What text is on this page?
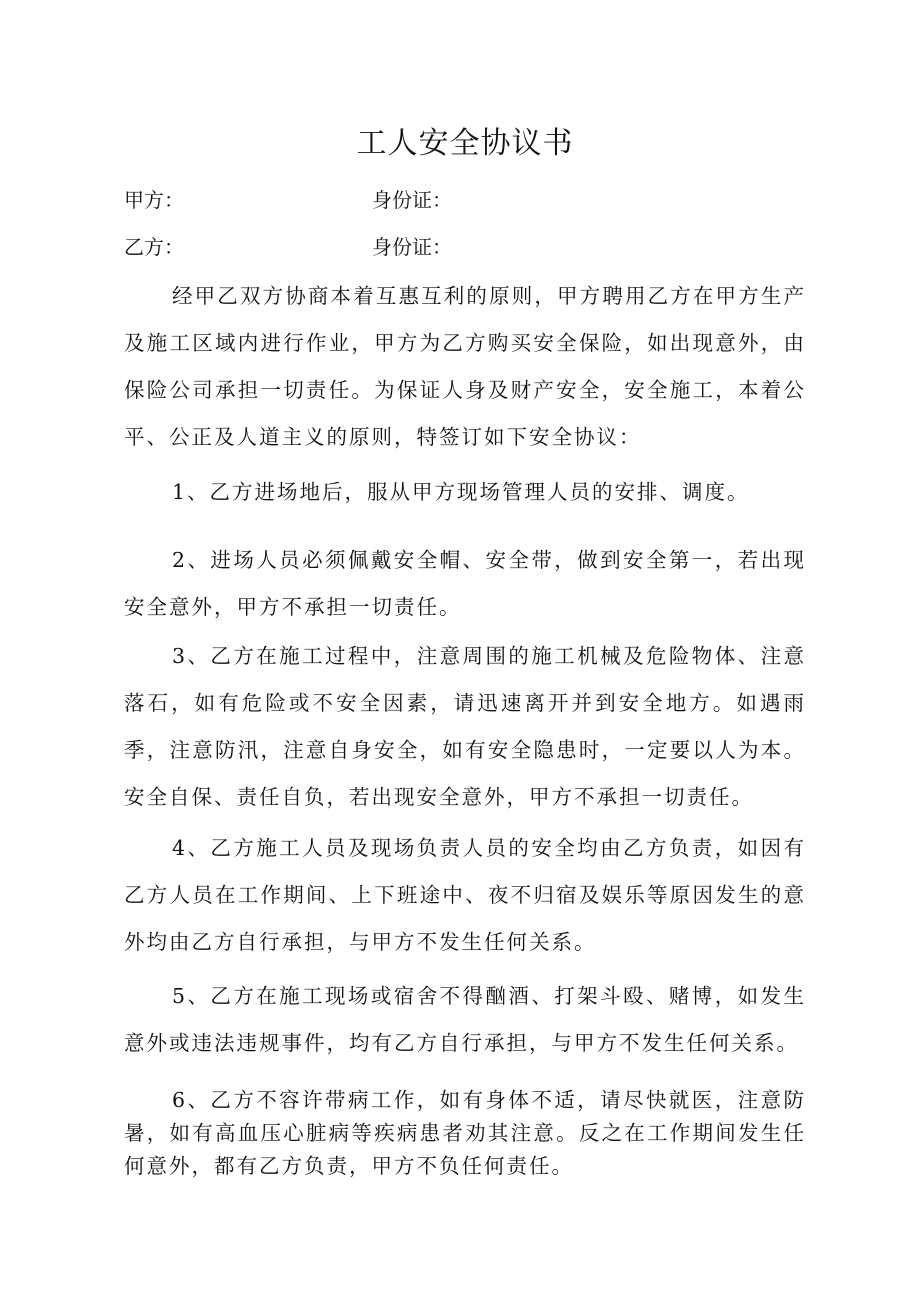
工人安全协议书
甲方：	身份证：
乙方：	身份证：

经甲乙双方协商本着互惠互利的原则，甲方聘用乙方在甲方生产及施工区域内进行作业，甲方为乙方购买安全保险，如出现意外，由保险公司承担一切责任。为保证人身及财产安全，安全施工，本着公平、公正及人道主义的原则，特签订如下安全协议：

1、乙方进场地后，服从甲方现场管理人员的安排、调度。

2、进场人员必须佩戴安全帽、安全带，做到安全第一，若出现安全意外，甲方不承担一切责任。

3、乙方在施工过程中，注意周围的施工机械及危险物体、注意落石，如有危险或不安全因素，请迅速离开并到安全地方。如遇雨季，注意防汛，注意自身安全，如有安全隐患时，一定要以人为本。安全自保、责任自负，若出现安全意外，甲方不承担一切责任。

4、乙方施工人员及现场负责人员的安全均由乙方负责，如因有乙方人员在工作期间、上下班途中、夜不归宿及娱乐等原因发生的意外均由乙方自行承担，与甲方不发生任何关系。

5、乙方在施工现场或宿舍不得酗酒、打架斗殴、赌博，如发生意外或违法违规事件，均有乙方自行承担，与甲方不发生任何关系。

6、乙方不容许带病工作，如有身体不适，请尽快就医，注意防暑，如有高血压心脏病等疾病患者劝其注意。反之在工作期间发生任何意外，都有乙方负责，甲方不负任何责任。
